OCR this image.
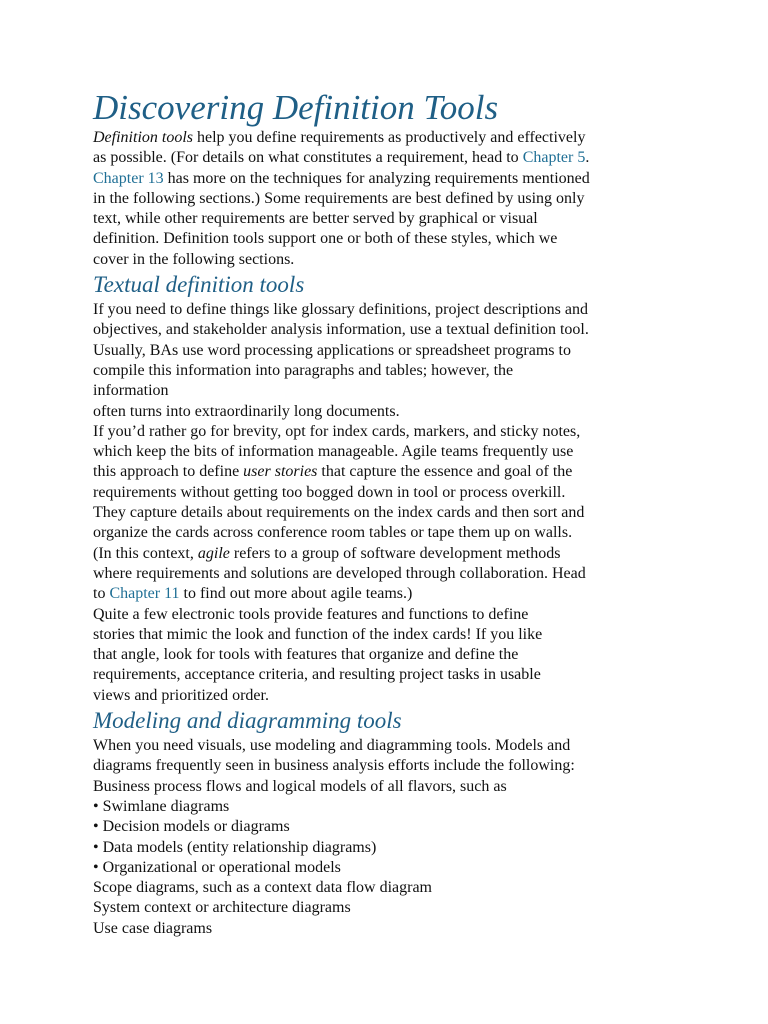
Discovering Definition Tools

Definition tools help you define requirements as productively and effectively
as possible. (For details on what constitutes a requirement, head to Chapter 5.
Chapter 13 has more on the techniques for analyzing requirements mentioned
in the following sections.) Some requirements are best defined by using only
text, while other requirements are better served by graphical or visual
definition. Definition tools support one or both of these styles, which we
cover in the following sections.

Textual definition tools

If you need to define things like glossary definitions, project descriptions and
objectives, and stakeholder analysis information, use a textual definition tool.
Usually, BAs use word processing applications or spreadsheet programs to
compile this information into paragraphs and tables; however, the
information
often turns into extraordinarily long documents.

If you’d rather go for brevity, opt for index cards, markers, and sticky notes,
which keep the bits of information manageable. Agile teams frequently use
this approach to define user stories that capture the essence and goal of the
requirements without getting too bogged down in tool or process overkill.
They capture details about requirements on the index cards and then sort and
organize the cards across conference room tables or tape them up on walls.
(In this context, agile refers to a group of software development methods
where requirements and solutions are developed through collaboration. Head
to Chapter 11 to find out more about agile teams.)

Quite a few electronic tools provide features and functions to define
stories that mimic the look and function of the index cards! If you like
that angle, look for tools with features that organize and define the
requirements, acceptance criteria, and resulting project tasks in usable
views and prioritized order.

Modeling and diagramming tools

When you need visuals, use modeling and diagramming tools. Models and
diagrams frequently seen in business analysis efforts include the following:
Business process flows and logical models of all flavors, such as

• Swimlane diagrams
• Decision models or diagrams
• Data models (entity relationship diagrams)
• Organizational or operational models
Scope diagrams, such as a context data flow diagram
System context or architecture diagrams
Use case diagrams
